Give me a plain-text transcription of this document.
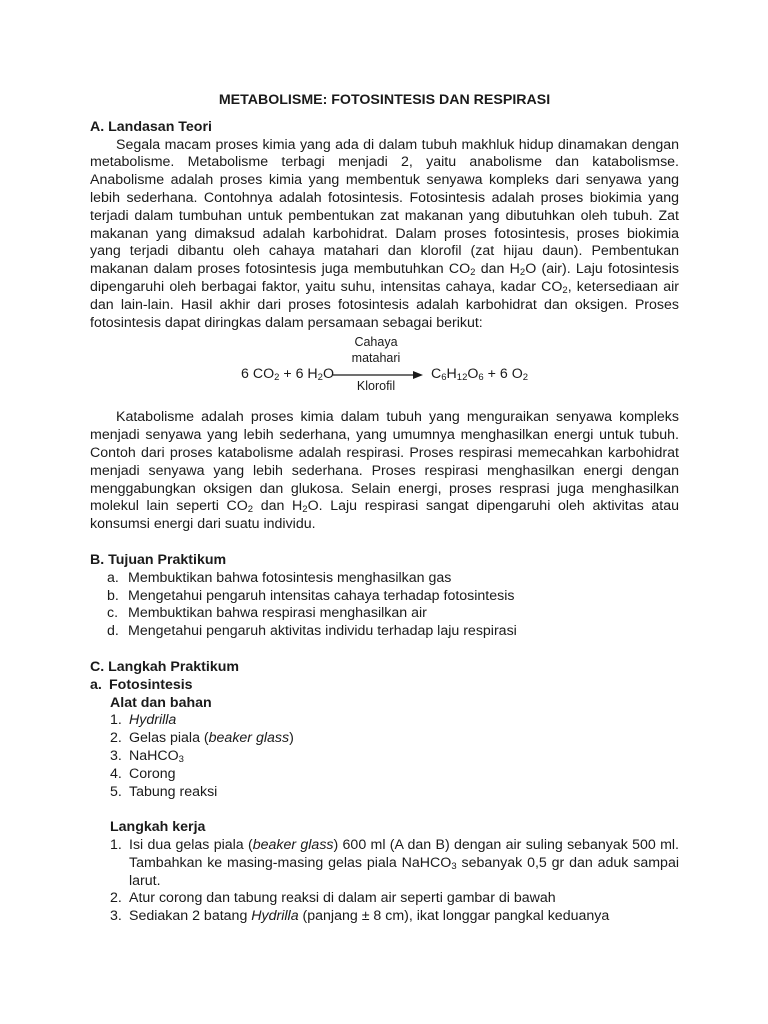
METABOLISME: FOTOSINTESIS DAN RESPIRASI
A. Landasan Teori
Segala macam proses kimia yang ada di dalam tubuh makhluk hidup dinamakan dengan metabolisme. Metabolisme terbagi menjadi 2, yaitu anabolisme dan katabolismse. Anabolisme adalah proses kimia yang membentuk senyawa kompleks dari senyawa yang lebih sederhana. Contohnya adalah fotosintesis. Fotosintesis adalah proses biokimia yang terjadi dalam tumbuhan untuk pembentukan zat makanan yang dibutuhkan oleh tubuh. Zat makanan yang dimaksud adalah karbohidrat. Dalam proses fotosintesis, proses biokimia yang terjadi dibantu oleh cahaya matahari dan klorofil (zat hijau daun). Pembentukan makanan dalam proses fotosintesis juga membutuhkan $CO_2$ dan $H_2O$ (air). Laju fotosintesis dipengaruhi oleh berbagai faktor, yaitu suhu, intensitas cahaya, kadar $CO_2$, ketersediaan air dan lain-lain. Hasil akhir dari proses fotosintesis adalah karbohidrat dan oksigen. Proses fotosintesis dapat diringkas dalam persamaan sebagai berikut:
Cahaya
matahari
6 $CO_2 + 6$ $H_2O$	$C_6H_{12}O_6 + 6$ $O_2$
Klorofil
Katabolisme adalah proses kimia dalam tubuh yang menguraikan senyawa kompleks menjadi senyawa yang lebih sederhana, yang umumnya menghasilkan energi untuk tubuh. Contoh dari proses katabolisme adalah respirasi. Proses respirasi memecahkan karbohidrat menjadi senyawa yang lebih sederhana. Proses respirasi menghasilkan energi dengan menggabungkan oksigen dan glukosa. Selain energi, proses resprasi juga menghasilkan molekul lain seperti $CO_2$ dan $H_2O$. Laju respirasi sangat dipengaruhi oleh aktivitas atau konsumsi energi dari suatu individu.
B. Tujuan Praktikum
a. Membuktikan bahwa fotosintesis menghasilkan gas
b. Mengetahui pengaruh intensitas cahaya terhadap fotosintesis
c. Membuktikan bahwa respirasi menghasilkan air
d. Mengetahui pengaruh aktivitas individu terhadap laju respirasi
C. Langkah Praktikum
a. Fotosintesis
Alat dan bahan
1. Hydrilla
2. Gelas piala (beaker glass)
3. NaHCO$_3$
4. Corong
5. Tabung reaksi
Langkah kerja
1. Isi dua gelas piala (beaker glass) 600 ml (A dan B) dengan air suling sebanyak 500 ml. Tambahkan ke masing-masing gelas piala NaHCO$_3$ sebanyak 0,5 gr dan aduk sampai larut.
2. Atur corong dan tabung reaksi di dalam air seperti gambar di bawah
3. Sediakan 2 batang Hydrilla (panjang ± 8 cm), ikat longgar pangkal keduanya
